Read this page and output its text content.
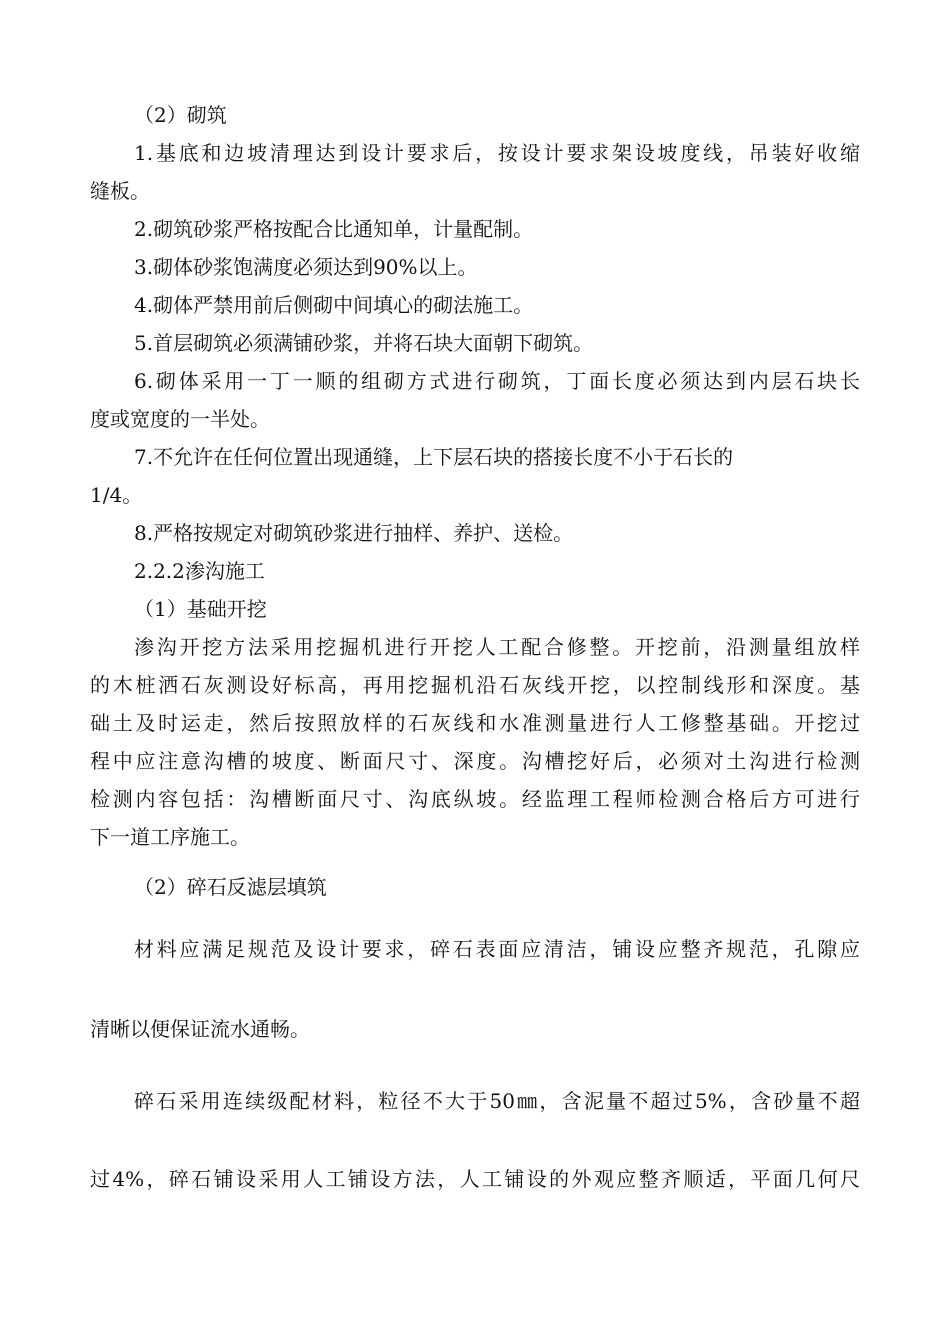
（2）砌筑

1.基底和边坡清理达到设计要求后，按设计要求架设坡度线，吊装好收缩

缝板。

2.砌筑砂浆严格按配合比通知单，计量配制。

3.砌体砂浆饱满度必须达到90%以上。

4.砌体严禁用前后侧砌中间填心的砌法施工。

5.首层砌筑必须满铺砂浆，并将石块大面朝下砌筑。

6.砌体采用一丁一顺的组砌方式进行砌筑，丁面长度必须达到内层石块长

度或宽度的一半处。

7.不允许在任何位置出现通缝，上下层石块的搭接长度不小于石长的

1/4。

8.严格按规定对砌筑砂浆进行抽样、养护、送检。

2.2.2渗沟施工

（1）基础开挖

渗沟开挖方法采用挖掘机进行开挖人工配合修整。开挖前，沿测量组放样

的木桩洒石灰测设好标高，再用挖掘机沿石灰线开挖，以控制线形和深度。基

础土及时运走，然后按照放样的石灰线和水准测量进行人工修整基础。开挖过

程中应注意沟槽的坡度、断面尺寸、深度。沟槽挖好后，必须对土沟进行检测

检测内容包括：沟槽断面尺寸、沟底纵坡。经监理工程师检测合格后方可进行

下一道工序施工。

（2）碎石反滤层填筑

材料应满足规范及设计要求，碎石表面应清洁，铺设应整齐规范，孔隙应

清晰以便保证流水通畅。

碎石采用连续级配材料，粒径不大于50㎜，含泥量不超过5%，含砂量不超

过4%，碎石铺设采用人工铺设方法，人工铺设的外观应整齐顺适，平面几何尺
